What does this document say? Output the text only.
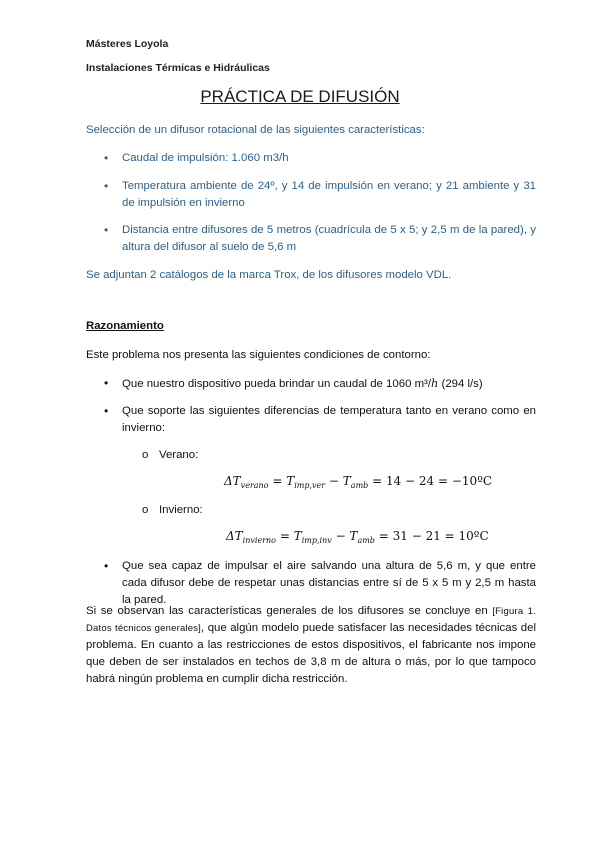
Másteres Loyola
Instalaciones Térmicas e Hidráulicas
PRÁCTICA DE DIFUSIÓN
Selección de un difusor rotacional de las siguientes características:
• Caudal de impulsión: 1.060 m3/h
• Temperatura ambiente de 24º, y 14 de impulsión en verano; y 21 ambiente y 31 de impulsión en invierno
• Distancia entre difusores de 5 metros (cuadrícula de 5 x 5; y 2,5 m de la pared), y altura del difusor al suelo de 5,6 m
Se adjuntan 2 catálogos de la marca Trox, de los difusores modelo VDL.
Razonamiento
Este problema nos presenta las siguientes condiciones de contorno:
• Que nuestro dispositivo pueda brindar un caudal de 1060 m³/h (294 l/s)
• Que soporte las siguientes diferencias de temperatura tanto en verano como en invierno:
o Verano:
$\Delta T_{verano} = T_{imp,ver} - T_{amb} = 14 - 24$ = −10ºC
o Invierno:
$\Delta T_{invierno} = T_{imp,inv} - T_{amb} = 31 - 21$ = 10ºC
• Que sea capaz de impulsar el aire salvando una altura de 5,6 m, y que entre cada difusor debe de respetar unas distancias entre sí de 5 x 5 m y 2,5 m hasta la pared.
Si se observan las características generales de los difusores se concluye en [Figura 1. Datos técnicos generales], que algún modelo puede satisfacer las necesidades técnicas del problema. En cuanto a las restricciones de estos dispositivos, el fabricante nos impone que deben de ser instalados en techos de 3,8 m de altura o más, por lo que tampoco habrá ningún problema en cumplir dicha restricción.
